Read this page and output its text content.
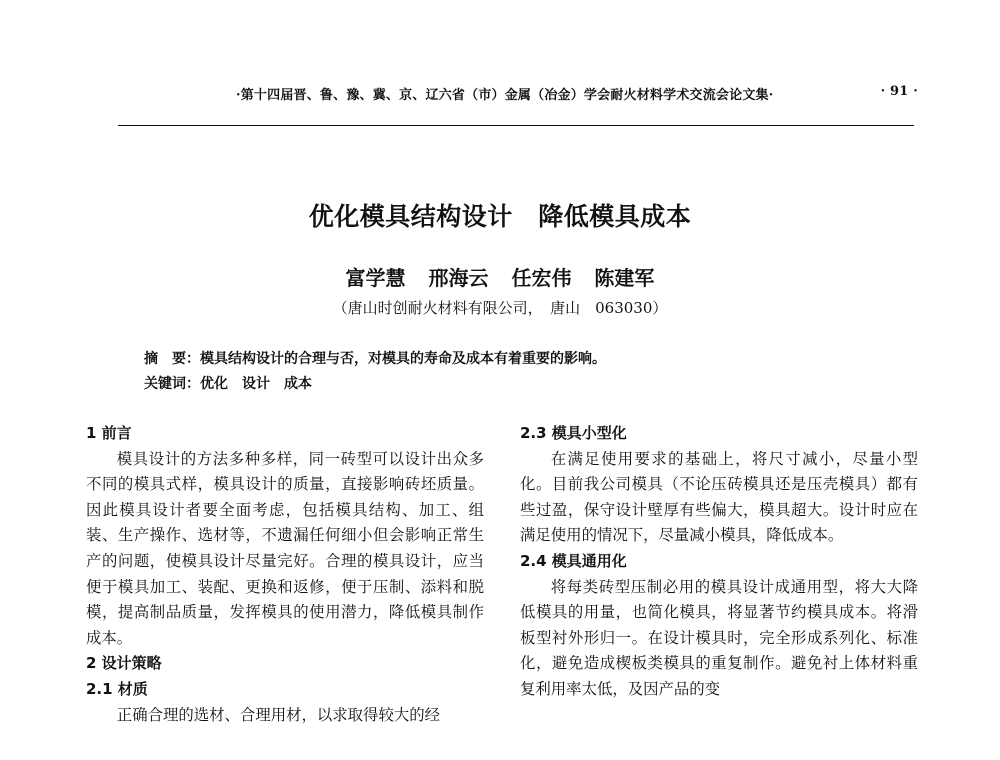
·第十四届晋、鲁、豫、冀、京、辽六省（市）金属（冶金）学会耐火材料学术交流会论文集·	· 91 ·
优化模具结构设计　降低模具成本
富学慧 邢海云 任宏伟 陈建军
（唐山时创耐火材料有限公司，　唐山　063030）
摘　要：模具结构设计的合理与否，对模具的寿命及成本有着重要的影响。
关键词：优化　设计　成本
1 前言
模具设计的方法多种多样，同一砖型可以设计出众多不同的模具式样，模具设计的质量，直接影响砖坯质量。因此模具设计者要全面考虑，包括模具结构、加工、组装、生产操作、选材等，不遗漏任何细小但会影响正常生产的问题，使模具设计尽量完好。合理的模具设计，应当便于模具加工、装配、更换和返修，便于压制、添料和脱模，提高制品质量，发挥模具的使用潜力，降低模具制作成本。
2 设计策略
2.1 材质
正确合理的选材、合理用材，以求取得较大的经
2.3 模具小型化
在满足使用要求的基础上，将尺寸减小，尽量小型化。目前我公司模具（不论压砖模具还是压壳模具）都有些过盈，保守设计壁厚有些偏大，模具超大。设计时应在满足使用的情况下，尽量减小模具，降低成本。
2.4 模具通用化
将每类砖型压制必用的模具设计成通用型，将大大降低模具的用量，也简化模具，将显著节约模具成本。将滑板型衬外形归一。在设计模具时，完全形成系列化、标准化，避免造成楔板类模具的重复制作。避免衬上体材料重复利用率太低，及因产品的变
